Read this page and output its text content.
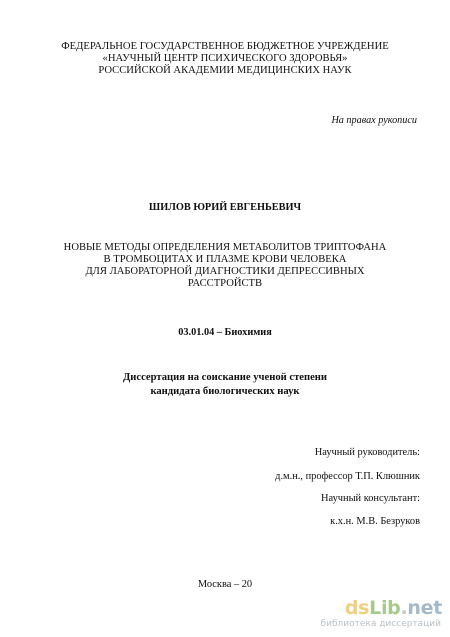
ФЕДЕРАЛЬНОЕ ГОСУДАРСТВЕННОЕ БЮДЖЕТНОЕ УЧРЕЖДЕНИЕ

«НАУЧНЫЙ ЦЕНТР ПСИХИЧЕСКОГО ЗДОРОВЬЯ»

РОССИЙСКОЙ АКАДЕМИИ МЕДИЦИНСКИХ НАУК

На правах рукописи
ШИЛОВ ЮРИЙ ЕВГЕНЬЕВИЧ

НОВЫЕ МЕТОДЫ ОПРЕДЕЛЕНИЯ МЕТАБОЛИТОВ ТРИПТОФАНА

В ТРОМБОЦИТАХ И ПЛАЗМЕ КРОВИ ЧЕЛОВЕКА

ДЛЯ ЛАБОРАТОРНОЙ ДИАГНОСТИКИ ДЕПРЕССИВНЫХ

РАССТРОЙСТВ

03.01.04 – Биохимия

Диссертация на соискание ученой степени

кандидата биологических наук

Научный руководитель:
д.м.н., профессор Т.П. Клюшник
Научный консультант:
к.х.н. М.В. Безруков
Москва – 20
dsLib.net
библиотека диссертаций
